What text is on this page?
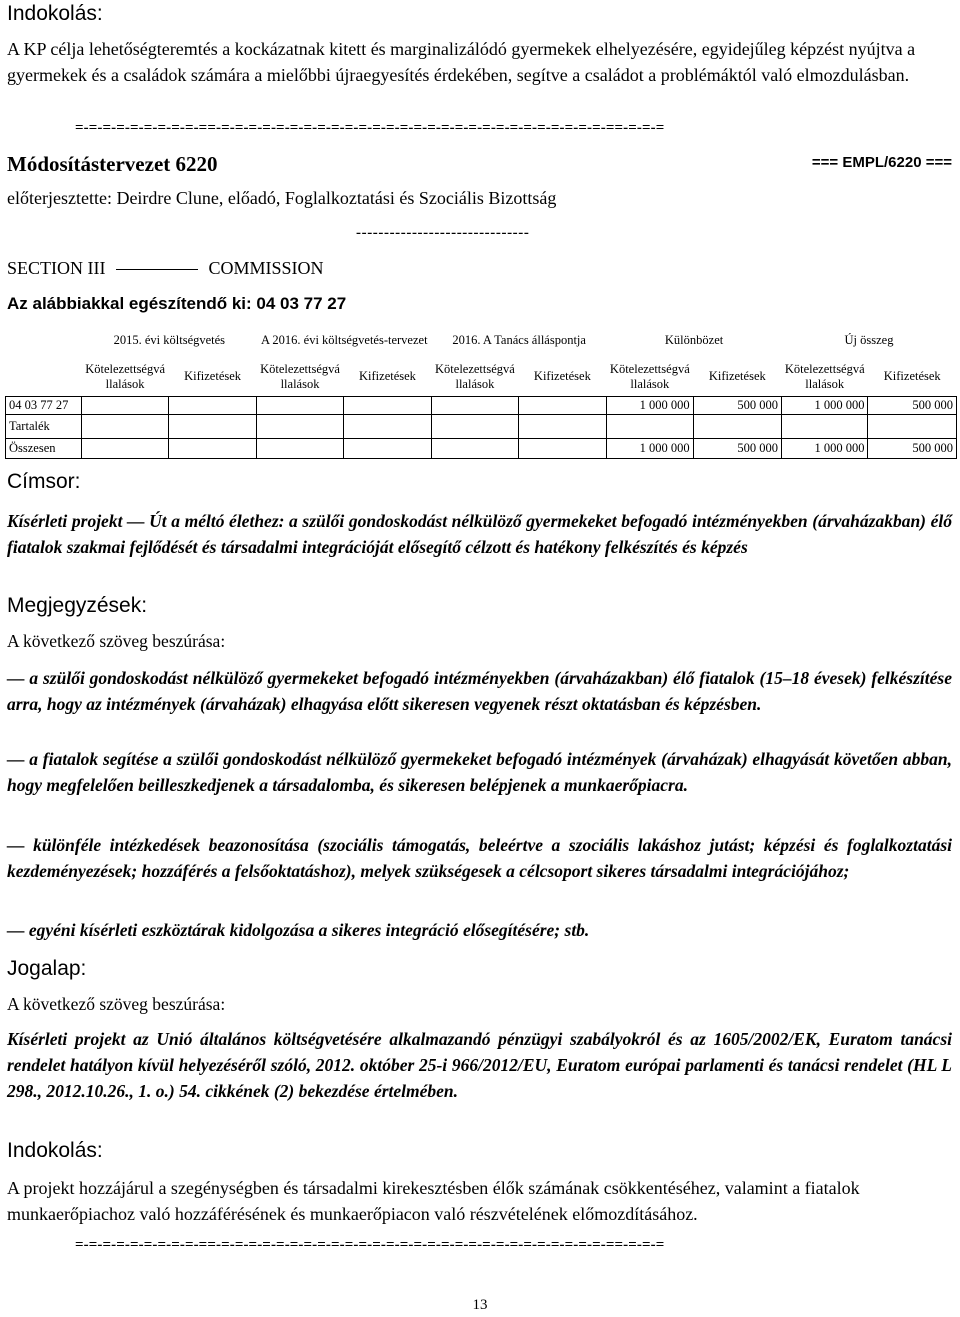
Indokolás:
A KP célja lehetőségteremtés a kockázatnak kitett és marginalizálódó gyermekek elhelyezésére, egyidejűleg képzést nyújtva a gyermekek és a családok számára a mielőbbi újraegyesítés érdekében, segítve a családot a problémáktól való elmozdulásban.
=-=-=-=-=-=-=-=-=-==-=-=-=-=-=-=-=-=-=-=-=-=-=-=-=-=-=-=-=-=-=-=-=-=-=-=-=-=-==-=-=-=
Módosítástervezet 6220	=== EMPL/6220 ===
előterjesztette: Deirdre Clune, előadó, Foglalkoztatási és Szociális Bizottság
-------------------------------
SECTION III	COMMISSION
Az alábbiakkal egészítendő ki: 04 03 77 27
	2015. évi költségvetés		A 2016. évi költségvetés-tervezet		2016. A Tanács álláspontja		Különbözet		Új összeg	
	Kötelezettségvállalások	Kifizetések	Kötelezettségvállalások	Kifizetések	Kötelezettségvállalások	Kifizetések	Kötelezettségvállalások	Kifizetések	Kötelezettségvállalások	Kifizetések
04 03 77 27							1 000 000	500 000	1 000 000	500 000
Tartalék										
Összesen							1 000 000	500 000	1 000 000	500 000
Címsor:
Kísérleti projekt — Út a méltó élethez: a szülői gondoskodást nélkülöző gyermekeket befogadó intézményekben (árvaházakban) élő fiatalok szakmai fejlődését és társadalmi integrációját elősegítő célzott és hatékony felkészítés és képzés
Megjegyzések:
A következő szöveg beszúrása:
— a szülői gondoskodást nélkülöző gyermekeket befogadó intézményekben (árvaházakban) élő fiatalok (15–18 évesek) felkészítése arra, hogy az intézmények (árvaházak) elhagyása előtt sikeresen vegyenek részt oktatásban és képzésben.
— a fiatalok segítése a szülői gondoskodást nélkülöző gyermekeket befogadó intézmények (árvaházak) elhagyását követően abban, hogy megfelelően beilleszkedjenek a társadalomba, és sikeresen belépjenek a munkaerőpiacra.
— különféle intézkedések beazonosítása (szociális támogatás, beleértve a szociális lakáshoz jutást; képzési és foglalkoztatási kezdeményezések; hozzáférés a felsőoktatáshoz), melyek szükségesek a célcsoport sikeres társadalmi integrációjához;
— egyéni kísérleti eszköztárak kidolgozása a sikeres integráció elősegítésére; stb.
Jogalap:
A következő szöveg beszúrása:
Kísérleti projekt az Unió általános költségvetésére alkalmazandó pénzügyi szabályokról és az 1605/2002/EK, Euratom tanácsi rendelet hatályon kívül helyezéséről szóló, 2012. október 25-i 966/2012/EU, Euratom európai parlamenti és tanácsi rendelet (HL L 298., 2012.10.26., 1. o.) 54. cikkének (2) bekezdése értelmében.
Indokolás:
A projekt hozzájárul a szegénységben és társadalmi kirekesztésben élők számának csökkentéséhez, valamint a fiatalok munkaerőpiachoz való hozzáférésének és munkaerőpiacon való részvételének előmozdításához.
=-=-=-=-=-=-=-=-=-==-=-=-=-=-=-=-=-=-=-=-=-=-=-=-=-=-=-=-=-=-=-=-=-=-=-=-=-=-==-=-=-=
13
